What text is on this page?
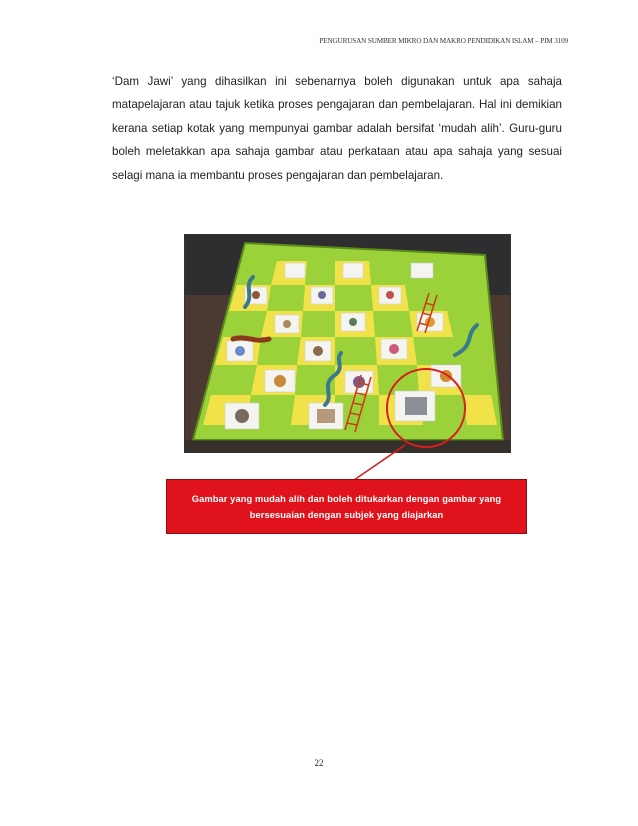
PENGURUSAN SUMBER MIKRO DAN MAKRO PENDIDIKAN ISLAM – PIM 3109

‘Dam Jawi’ yang dihasilkan ini sebenarnya boleh digunakan untuk apa sahaja matapelajaran atau tajuk ketika proses pengajaran dan pembelajaran. Hal ini demikian kerana setiap kotak yang mempunyai gambar adalah bersifat ‘mudah alih’. Guru-guru boleh meletakkan apa sahaja gambar atau perkataan atau apa sahaja yang sesuai selagi mana ia membantu proses pengajaran dan pembelajaran.

Gambar yang mudah alih dan boleh ditukarkan dengan gambar yang
bersesuaian dengan subjek yang diajarkan
22
